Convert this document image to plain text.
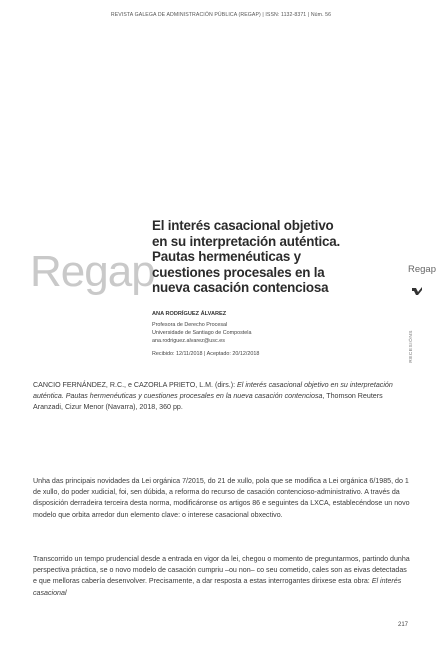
REVISTA GALEGA DE ADMINISTRACIÓN PÚBLICA (REGAP) | ISSN: 1132-8371 | Núm. 56
Regap
El interés casacional objetivo
en su interpretación auténtica.
Pautas hermenéuticas y
cuestiones procesales en la
nueva casación contenciosa
ANA RODRÍGUEZ ÁLVAREZ
Profesora de Derecho Procesal
Universidade de Santiago de Compostela
ana.rodriguez.alvarez@usc.es
Recibido: 12/11/2018 | Aceptado: 20/12/2018
Regap
RECESIÓNS

CANCIO FERNÁNDEZ, R.C., e CAZORLA PRIETO, L.M. (dirs.): El interés casacional objetivo en su interpretación auténtica. Pautas hermenéuticas y cuestiones procesales en la nueva casación contenciosa, Thomson Reuters Aranzadi, Cizur Menor (Navarra), 2018, 360 pp.

Unha das principais novidades da Lei orgánica 7/2015, do 21 de xullo, pola que se modifica a Lei orgánica 6/1985, do 1 de xullo, do poder xudicial, foi, sen dúbida, a reforma do recurso de casación contencioso-administrativo. A través da disposición derradeira terceira desta norma, modificáronse os artigos 86 e seguintes da LXCA, establecéndose un novo modelo que orbita arredor dun elemento clave: o interese casacional obxectivo.

Transcorrido un tempo prudencial desde a entrada en vigor da lei, chegou o momento de preguntarmos, partindo dunha perspectiva práctica, se o novo modelo de casación cumpriu –ou non– co seu cometido, cales son as eivas detectadas e que melloras cabería desenvolver. Precisamente, a dar resposta a estas interrogantes dirixese esta obra: El interés casacional

217
